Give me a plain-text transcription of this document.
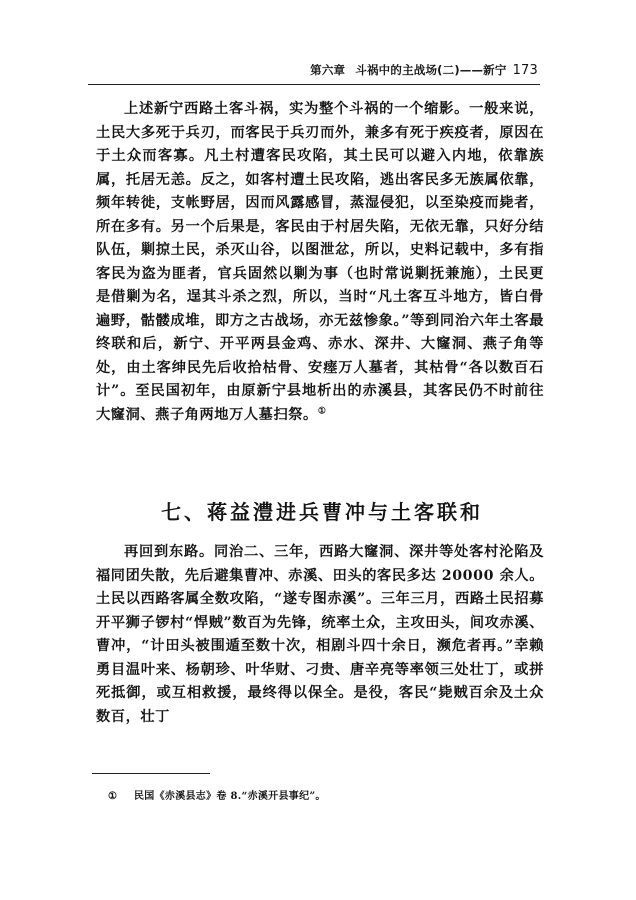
第六章 斗祸中的主战场(二)——新宁 173

上述新宁西路土客斗祸，实为整个斗祸的一个缩影。一般来说，土民大多死于兵刃，而客民于兵刃而外，兼多有死于疾疫者，原因在于土众而客寡。凡土村遭客民攻陷，其土民可以避入内地，依靠族属，托居无恙。反之，如客村遭土民攻陷，逃出客民多无族属依靠，频年转徙，支帐野居，因而风露感冒，蒸湿侵犯，以至染疫而毙者，所在多有。另一个后果是，客民由于村居失陷，无依无靠，只好分结队伍，剿掠土民，杀灭山谷，以图泄忿，所以，史料记载中，多有指客民为盗为匪者，官兵固然以剿为事（也时常说剿抚兼施），土民更是借剿为名，逞其斗杀之烈，所以，当时“凡土客互斗地方，皆白骨遍野，骷髅成堆，即方之古战场，亦无兹惨象。”等到同治六年土客最终联和后，新宁、开平两县金鸡、赤水、深井、大窿洞、燕子角等处，由土客绅民先后收拾枯骨、安瘗万人墓者，其枯骨“各以数百石计”。至民国初年，由原新宁县地析出的赤溪县，其客民仍不时前往大窿洞、燕子角两地万人墓扫祭。①

七、蒋益澧进兵曹冲与土客联和

再回到东路。同治二、三年，西路大窿洞、深井等处客村沦陷及福同团失散，先后避集曹冲、赤溪、田头的客民多达 20000 余人。土民以西路客属全数攻陷，“遂专图赤溪”。三年三月，西路土民招募开平狮子锣村“悍贼”数百为先锋，统率土众，主攻田头，间攻赤溪、曹冲，“计田头被围遁至数十次，相剧斗四十余日，濒危者再。”幸赖勇目温叶来、杨朝珍、叶华财、刁贵、唐辛亮等率领三处壮丁，或拼死抵御，或互相救援，最终得以保全。是役，客民“毙贼百余及土众数百，壮丁

① 民国《赤溪县志》卷 8.“赤溪开县事纪”。
